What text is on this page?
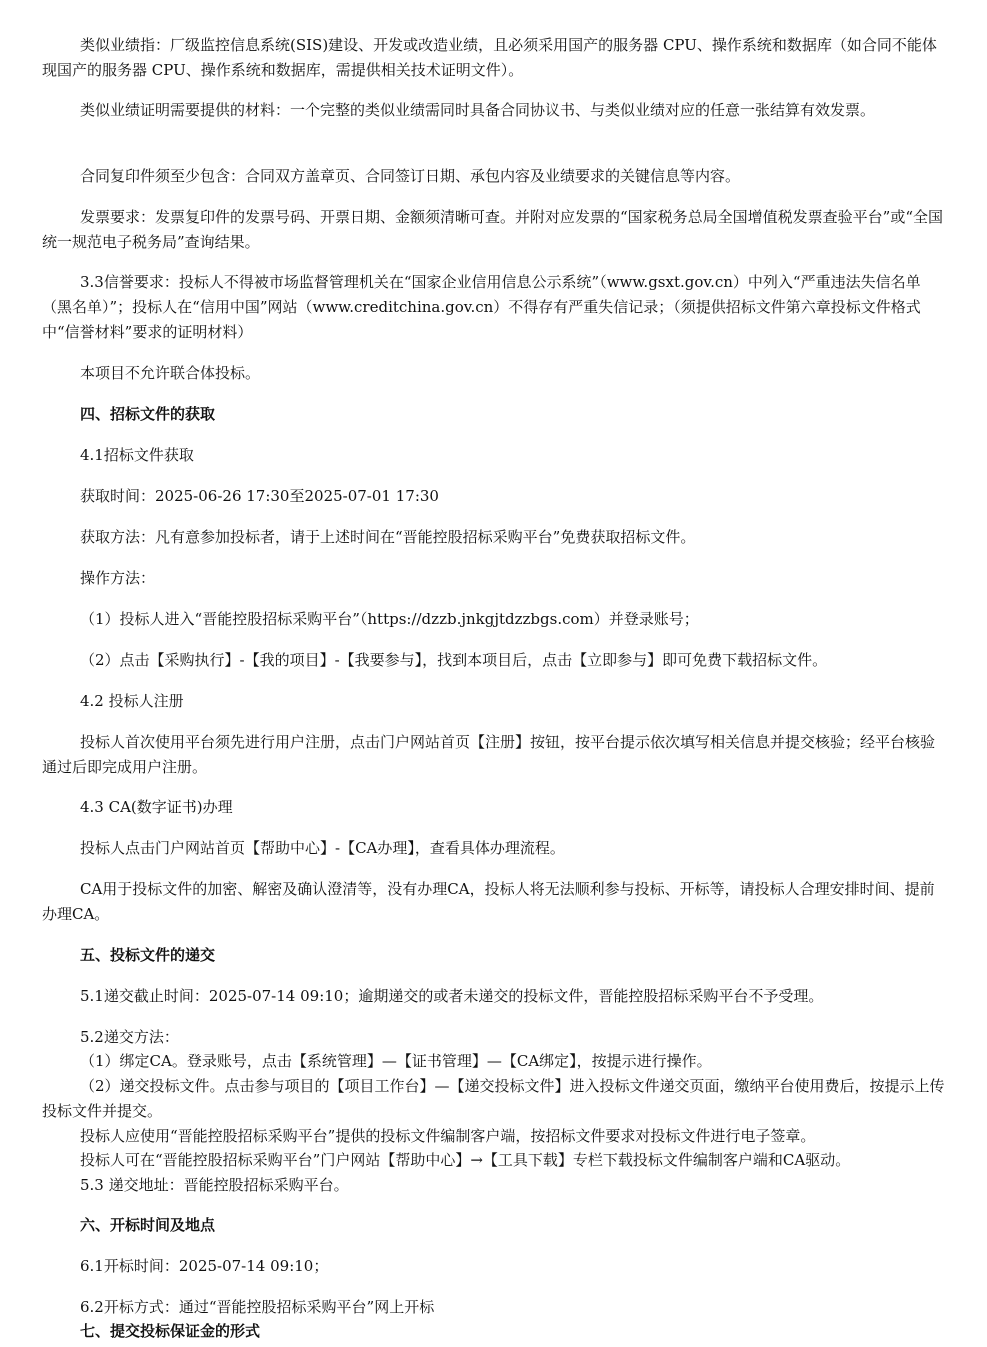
类似业绩指：厂级监控信息系统(SIS)建设、开发或改造业绩，且必须采用国产的服务器 CPU、操作系统和数据库（如合同不能体现国产的服务器 CPU、操作系统和数据库，需提供相关技术证明文件）。

类似业绩证明需要提供的材料：一个完整的类似业绩需同时具备合同协议书、与类似业绩对应的任意一张结算有效发票。

合同复印件须至少包含：合同双方盖章页、合同签订日期、承包内容及业绩要求的关键信息等内容。

发票要求：发票复印件的发票号码、开票日期、金额须清晰可查。并附对应发票的“国家税务总局全国增值税发票查验平台”或“全国统一规范电子税务局”查询结果。

3.3信誉要求：投标人不得被市场监督管理机关在“国家企业信用信息公示系统”（www.gsxt.gov.cn）中列入“严重违法失信名单（黑名单）”；投标人在“信用中国”网站（www.creditchina.gov.cn）不得存有严重失信记录；（须提供招标文件第六章投标文件格式中“信誉材料”要求的证明材料）

本项目不允许联合体投标。

四、招标文件的获取

4.1招标文件获取

获取时间：2025-06-26 17:30至2025-07-01 17:30

获取方法：凡有意参加投标者，请于上述时间在“晋能控股招标采购平台”免费获取招标文件。

操作方法：

（1）投标人进入“晋能控股招标采购平台”（https://dzzb.jnkgjtdzzbgs.com）并登录账号；

（2）点击【采购执行】-【我的项目】-【我要参与】，找到本项目后，点击【立即参与】即可免费下载招标文件。

4.2 投标人注册

投标人首次使用平台须先进行用户注册，点击门户网站首页【注册】按钮，按平台提示依次填写相关信息并提交核验；经平台核验通过后即完成用户注册。

4.3 CA(数字证书)办理

投标人点击门户网站首页【帮助中心】-【CA办理】，查看具体办理流程。

CA用于投标文件的加密、解密及确认澄清等，没有办理CA，投标人将无法顺利参与投标、开标等，请投标人合理安排时间、提前办理CA。

五、投标文件的递交

5.1递交截止时间：2025-07-14 09:10；逾期递交的或者未递交的投标文件，晋能控股招标采购平台不予受理。

5.2递交方法：

（1）绑定CA。登录账号，点击【系统管理】—【证书管理】—【CA绑定】，按提示进行操作。

（2）递交投标文件。点击参与项目的【项目工作台】—【递交投标文件】进入投标文件递交页面，缴纳平台使用费后，按提示上传投标文件并提交。

投标人应使用“晋能控股招标采购平台”提供的投标文件编制客户端，按招标文件要求对投标文件进行电子签章。

投标人可在“晋能控股招标采购平台”门户网站【帮助中心】→【工具下载】专栏下载投标文件编制客户端和CA驱动。

5.3 递交地址：晋能控股招标采购平台。

六、开标时间及地点

6.1开标时间：2025-07-14 09:10；

6.2开标方式：通过“晋能控股招标采购平台”网上开标

七、提交投标保证金的形式
